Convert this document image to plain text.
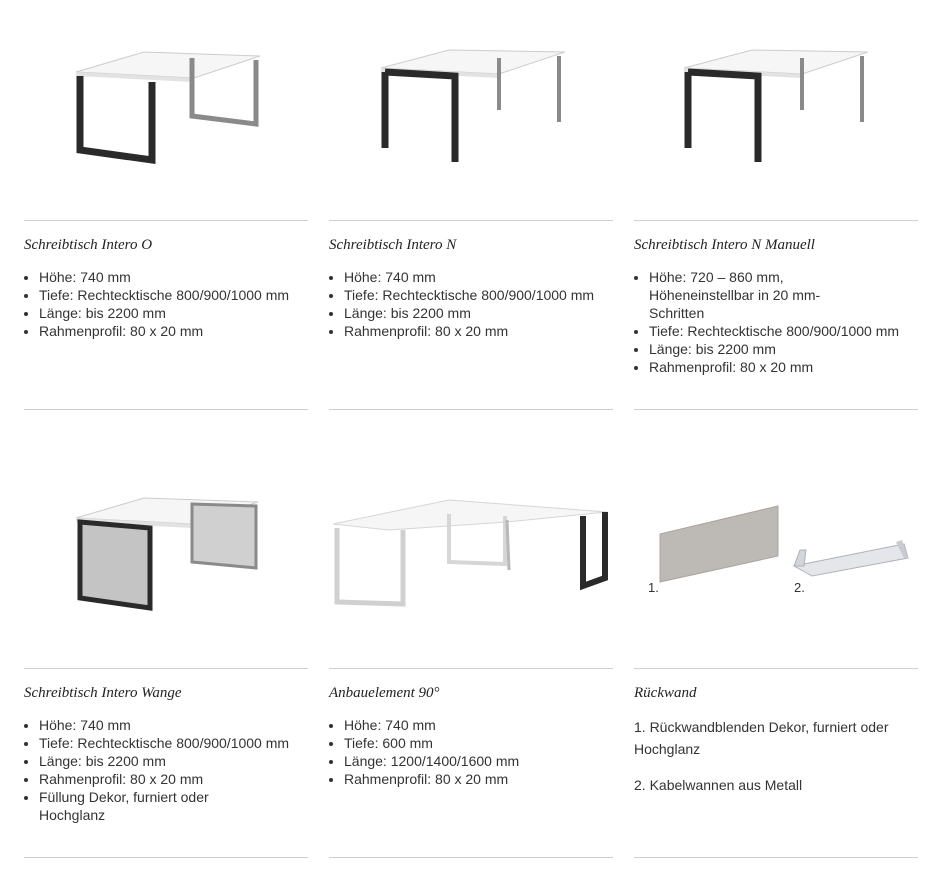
Schreibtisch Intero O
• Höhe: 740 mm
• Tiefe: Rechtecktische 800/900/1000 mm
• Länge: bis 2200 mm
• Rahmenprofil: 80 x 20 mm
Schreibtisch Intero N
• Höhe: 740 mm
• Tiefe: Rechtecktische 800/900/1000 mm
• Länge: bis 2200 mm
• Rahmenprofil: 80 x 20 mm
Schreibtisch Intero N Manuell
• Höhe: 720 – 860 mm, Höheneinstellbar in 20 mm-Schritten
• Tiefe: Rechtecktische 800/900/1000 mm
• Länge: bis 2200 mm
• Rahmenprofil: 80 x 20 mm
Schreibtisch Intero Wange
• Höhe: 740 mm
• Tiefe: Rechtecktische 800/900/1000 mm
• Länge: bis 2200 mm
• Rahmenprofil: 80 x 20 mm
• Füllung Dekor, furniert oder Hochglanz
Anbauelement 90°
• Höhe: 740 mm
• Tiefe: 600 mm
• Länge: 1200/1400/1600 mm
• Rahmenprofil: 80 x 20 mm
1.	2.
Rückwand

1. Rückwandblenden Dekor, furniert oder Hochglanz

2. Kabelwannen aus Metall
